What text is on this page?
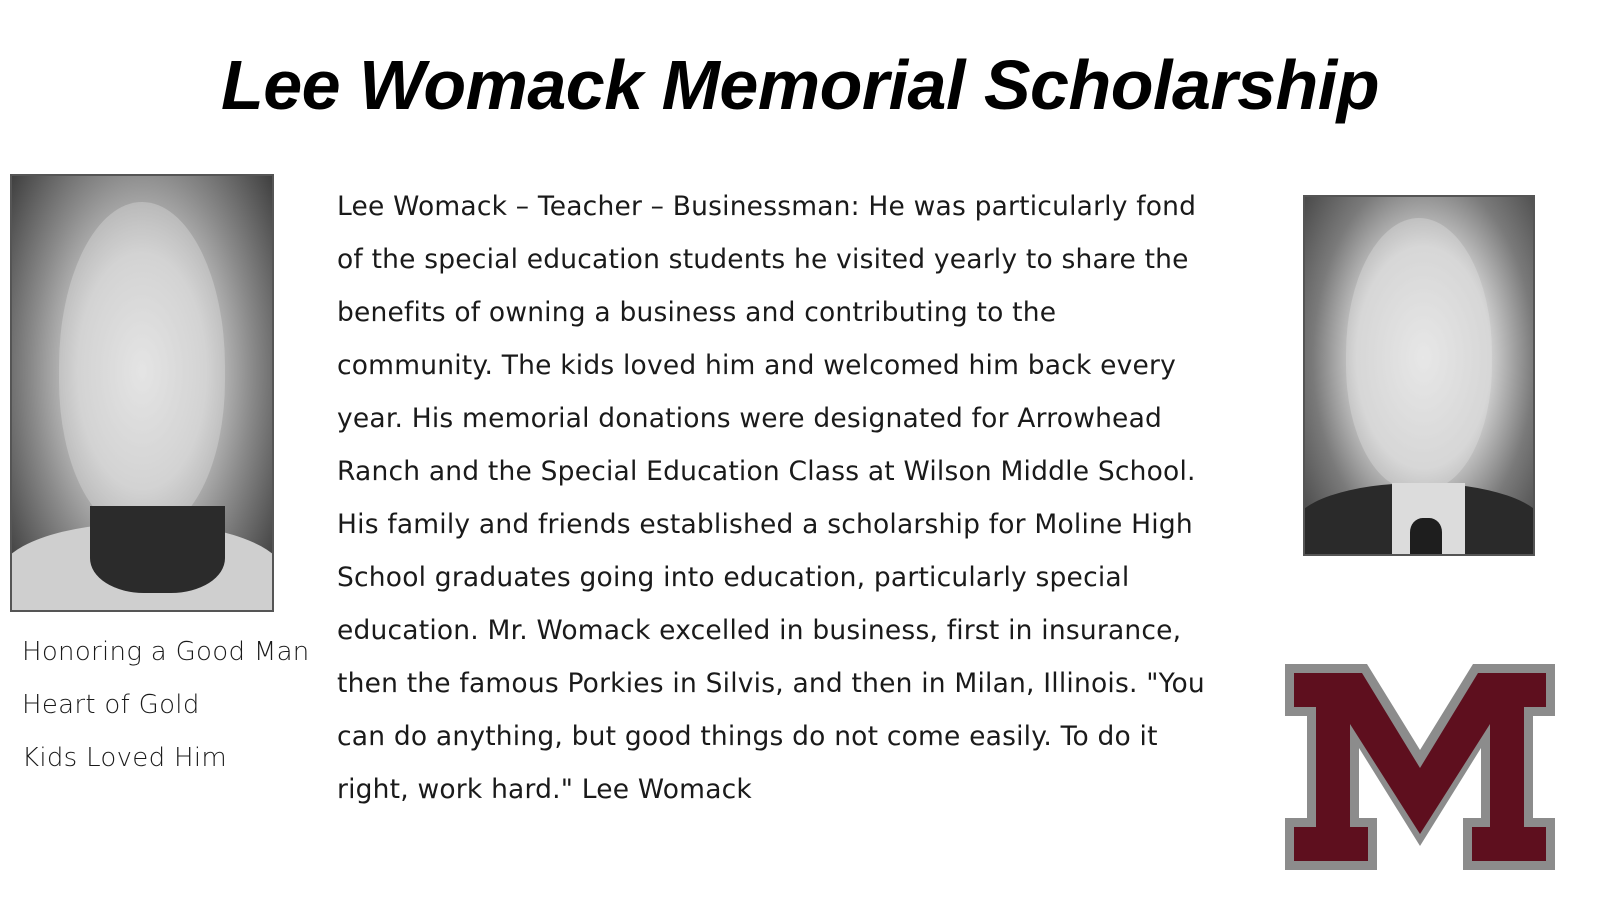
Lee Womack Memorial Scholarship
Honoring a Good Man
Heart of Gold
Kids Loved Him
Lee Womack – Teacher – Businessman: He was particularly fond
of the special education students he visited yearly to share the
benefits of owning a business and contributing to the
community. The kids loved him and welcomed him back every
year. His memorial donations were designated for Arrowhead
Ranch and the Special Education Class at Wilson Middle School.
His family and friends established a scholarship for Moline High
School graduates going into education, particularly special
education. Mr. Womack excelled in business, first in insurance,
then the famous Porkies in Silvis, and then in Milan, Illinois. "You
can do anything, but good things do not come easily. To do it
right, work hard." Lee Womack
